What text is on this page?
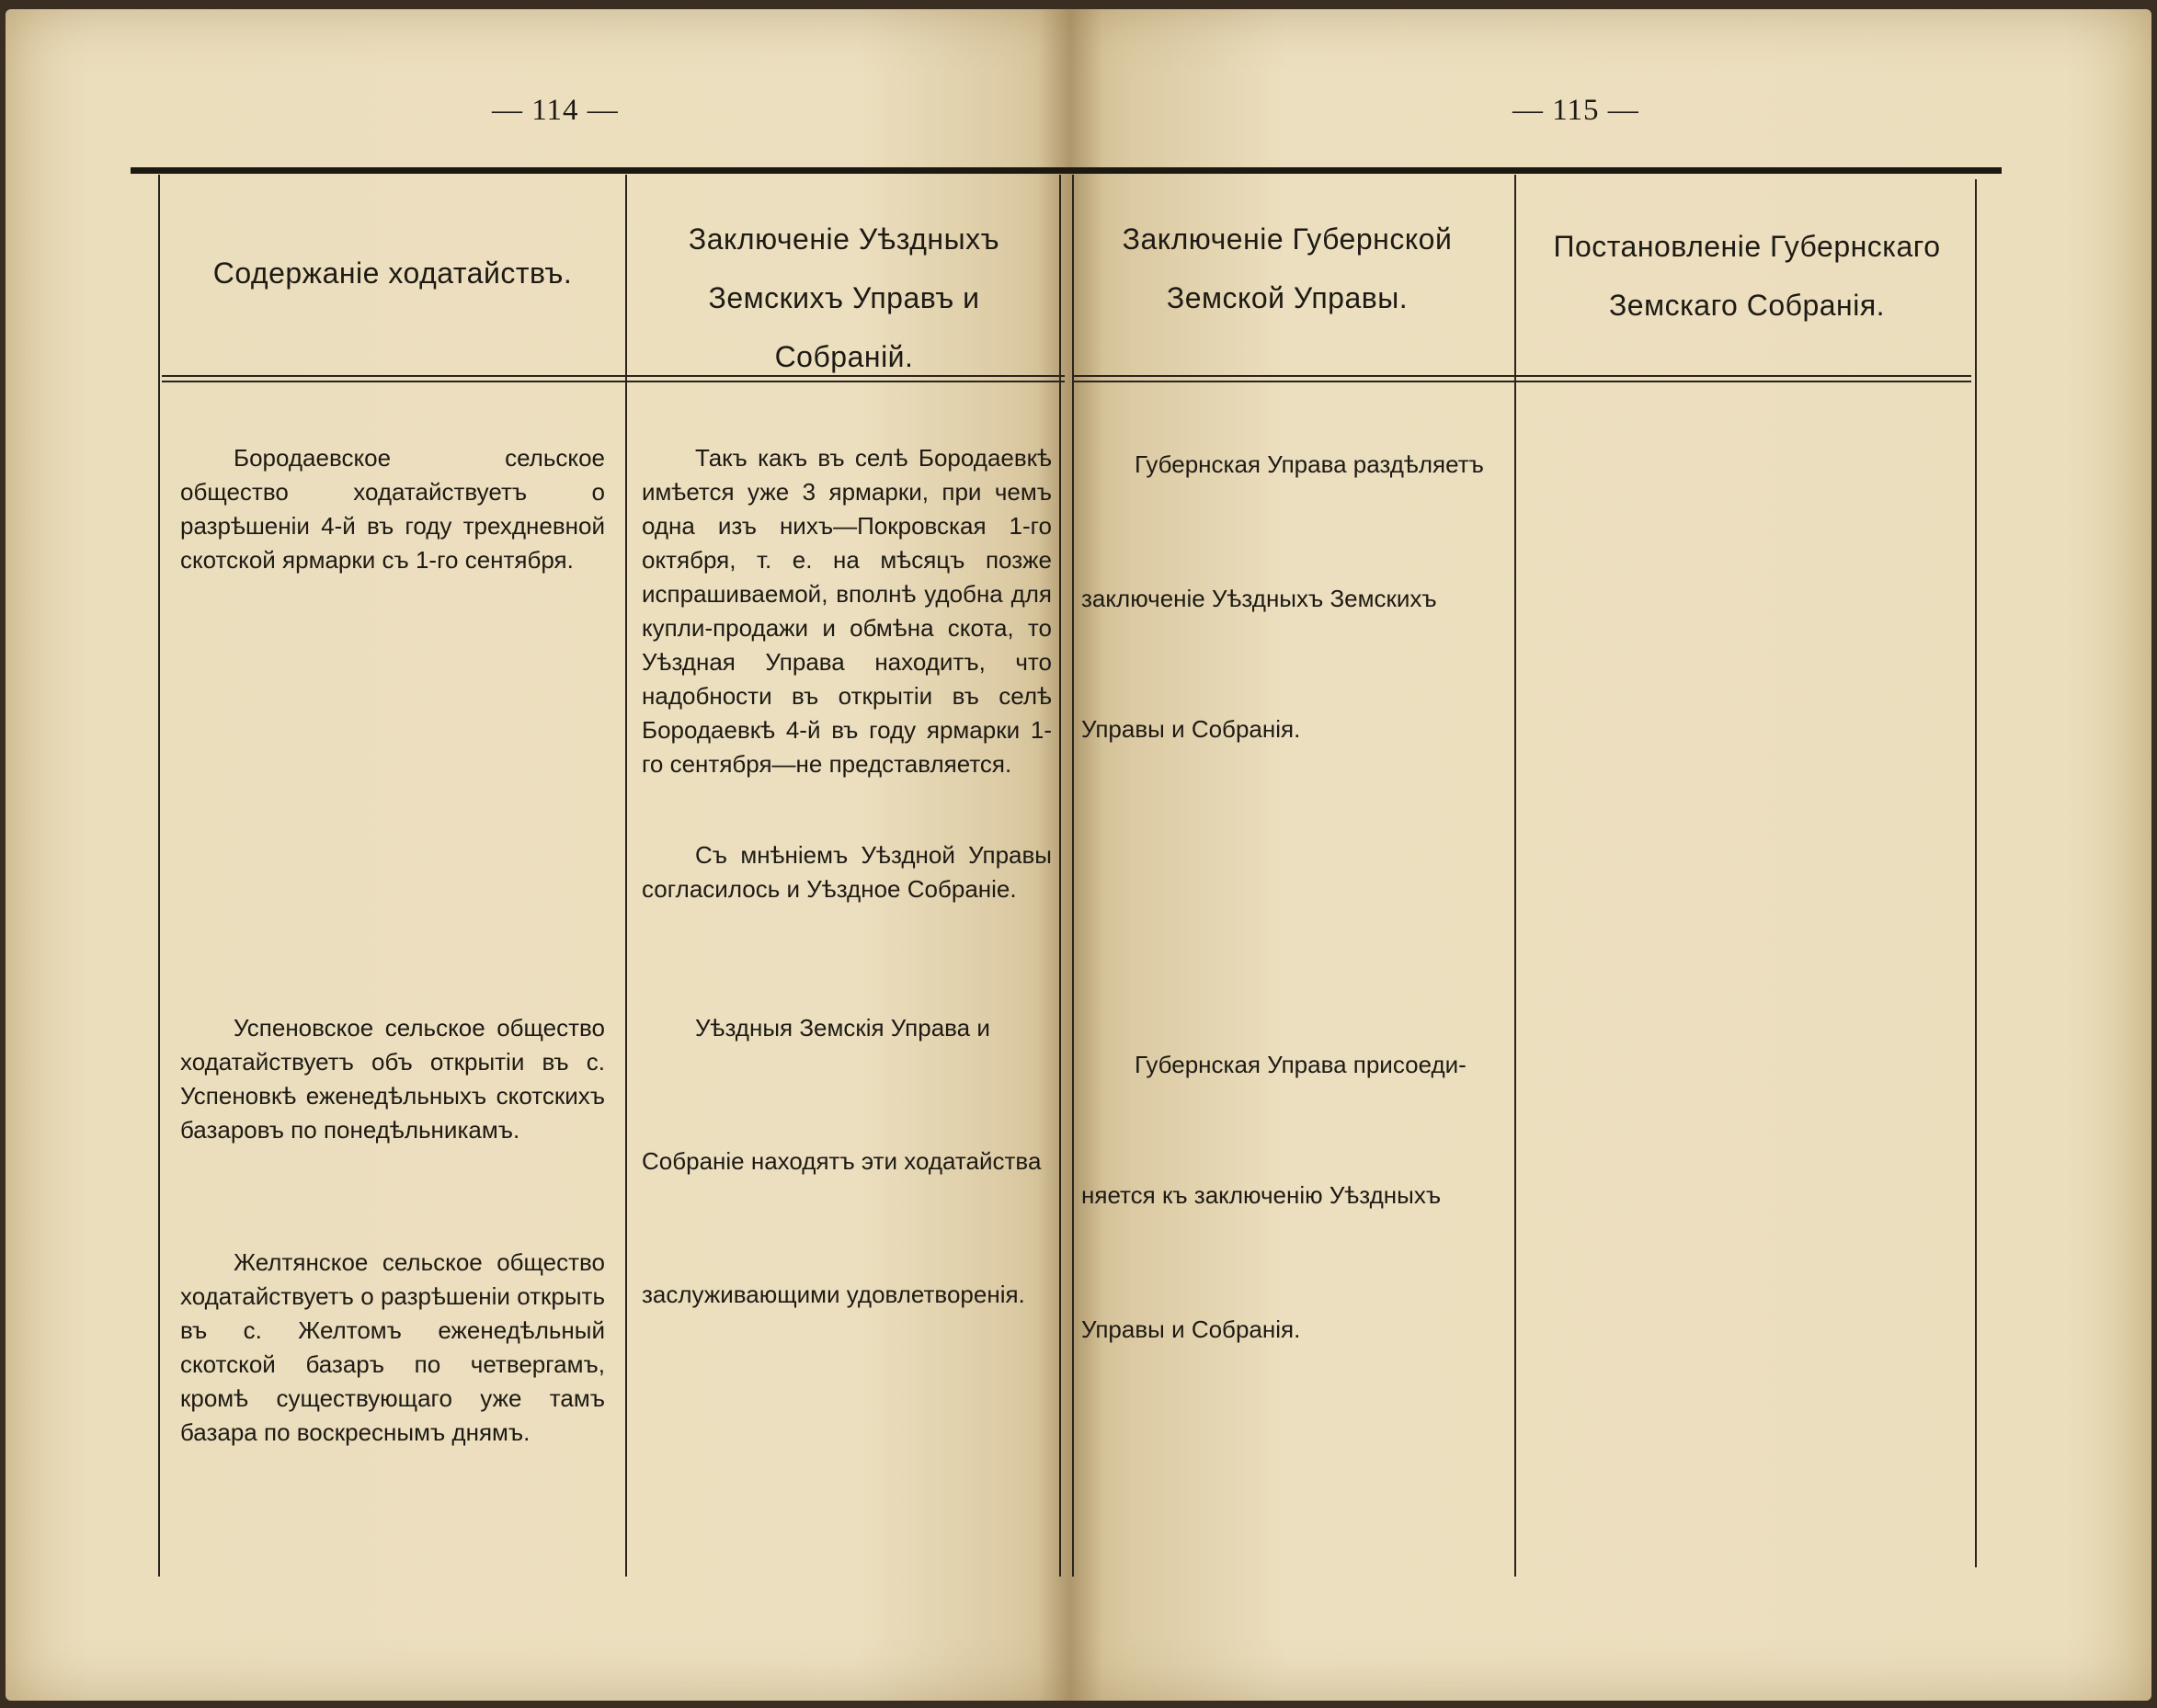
— 114 —
Содержаніе ходатайствъ.
Заключеніе Уѣздныхъ Земскихъ Управъ и Собраній.

Бородаевское сельское общество ходатайствуетъ о разрѣшеніи 4-й въ году трехдневной скотской ярмарки съ 1-го сентября.

Успеновское сельское общество ходатайствуетъ объ открытіи въ с. Успеновкѣ еженедѣльныхъ скотскихъ базаровъ по понедѣльникамъ.

Желтянское сельское общество ходатайствуетъ о разрѣшеніи открыть въ с. Желтомъ еженедѣльный скотской базаръ по четвергамъ, кромѣ существующаго уже тамъ базара по воскреснымъ днямъ.

Такъ какъ въ селѣ Бородаевкѣ имѣется уже 3 ярмарки, при чемъ одна изъ нихъ—Покровская 1-го октября, т. е. на мѣсяцъ позже испрашиваемой, вполнѣ удобна для купли-продажи и обмѣна скота, то Уѣздная Управа находитъ, что надобности въ открытіи въ селѣ Бородаевкѣ 4-й въ году ярмарки 1-го сентября—не представляется.

Съ мнѣніемъ Уѣздной Управы согласилось и Уѣздное Собраніе.

Уѣздныя Земскія Управа и

Собраніе находятъ эти ходатайства

заслуживающими удовлетворенія.

— 115 —
Заключеніе Губернской Земской Управы.
Постановленіе Губернскаго Земскаго Собранія.

Губернская Управа раздѣляетъ

заключеніе Уѣздныхъ Земскихъ

Управы и Собранія.

Губернская Управа присоеди-

няется къ заключенію Уѣздныхъ

Управы и Собранія.
